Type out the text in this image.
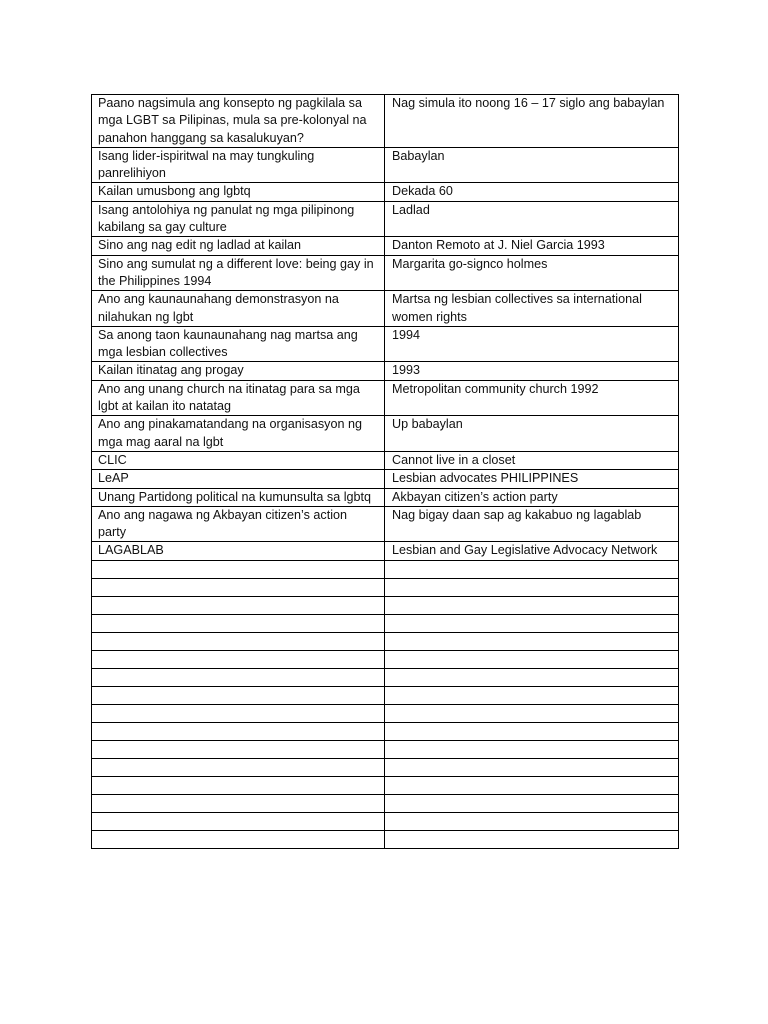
Paano nagsimula ang konsepto ng pagkilala sa mga LGBT sa Pilipinas, mula sa pre-kolonyal na panahon hanggang sa kasalukuyan?	Nag simula ito noong 16 – 17 siglo ang babaylan
Isang lider-ispiritwal na may tungkuling panrelihiyon	Babaylan
Kailan umusbong ang lgbtq	Dekada 60
Isang antolohiya ng panulat ng mga pilipinong kabilang sa gay culture	Ladlad
Sino ang nag edit ng ladlad at kailan	Danton Remoto at J. Niel Garcia 1993
Sino ang sumulat ng a different love: being gay in the Philippines 1994	Margarita go-signco holmes
Ano ang kaunaunahang demonstrasyon na nilahukan ng lgbt	Martsa ng lesbian collectives sa international women rights
Sa anong taon kaunaunahang nag martsa ang mga lesbian collectives	1994
Kailan itinatag ang progay	1993
Ano ang unang church na itinatag para sa mga lgbt at kailan ito natatag	Metropolitan community church 1992
Ano ang pinakamatandang na organisasyon ng mga mag aaral na lgbt	Up babaylan
CLIC	Cannot live in a closet
LeAP	Lesbian advocates PHILIPPINES
Unang Partidong political na kumunsulta sa lgbtq	Akbayan citizen’s action party
Ano ang nagawa ng Akbayan citizen’s action party	Nag bigay daan sap ag kakabuo ng lagablab
LAGABLAB	Lesbian and Gay Legislative Advocacy Network
